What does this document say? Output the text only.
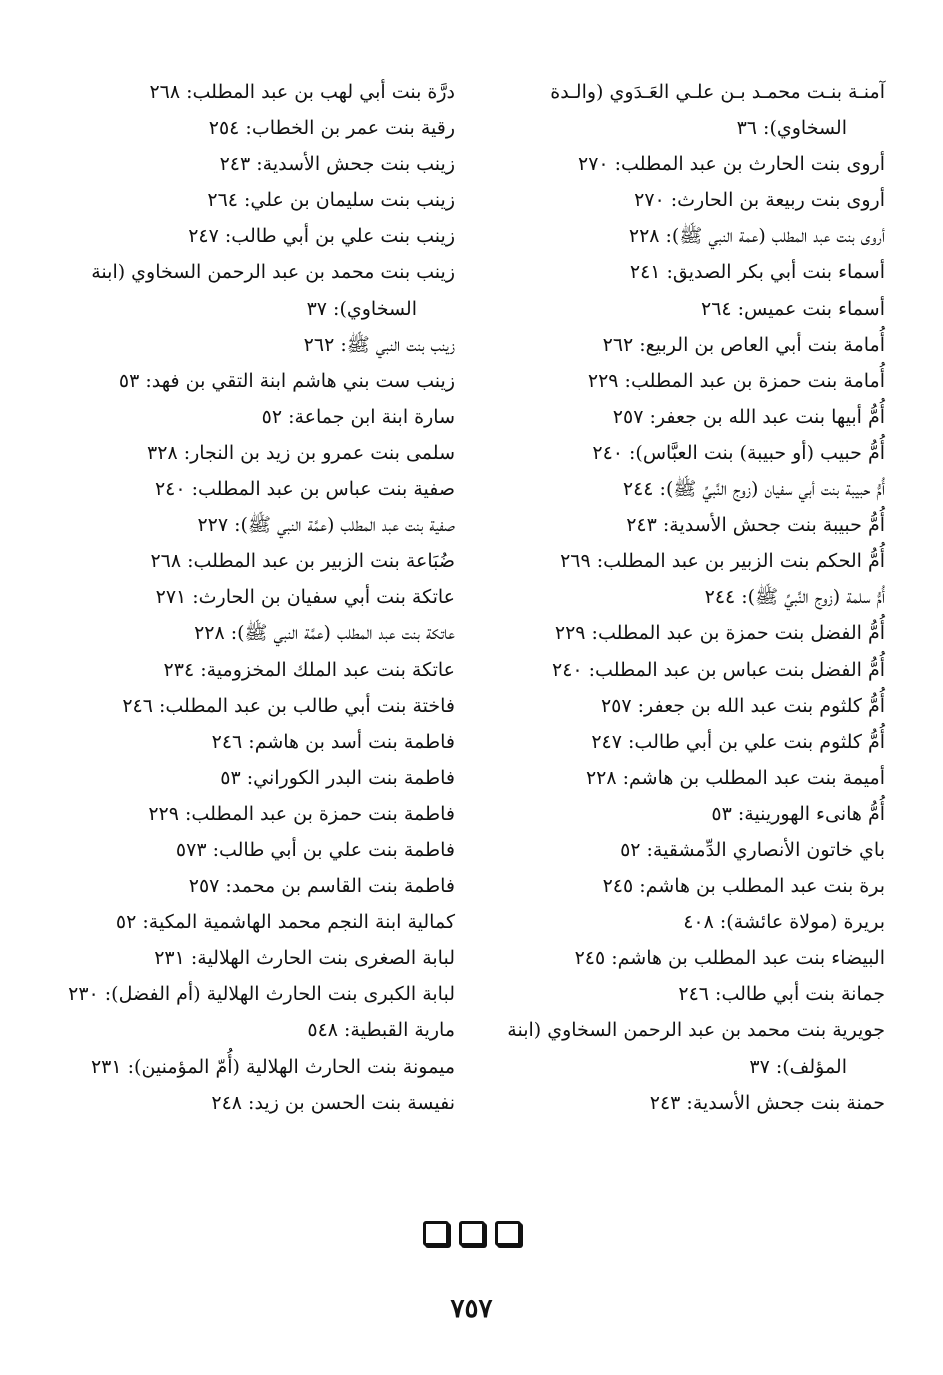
آمنـة بنـت محمـد بـن علـي العَـدَوي (والـدة السخاوي): ٣٦
أروى بنت الحارث بن عبد المطلب: ٢٧٠
أروى بنت ربيعة بن الحارث: ٢٧٠
أروى بنت عبد المطلب (عمة النبي ﷺ): ٢٢٨
أسماء بنت أبي بكر الصديق: ٢٤١
أسماء بنت عميس: ٢٦٤
أُمامة بنت أبي العاص بن الربيع: ٢٦٢
أُمامة بنت حمزة بن عبد المطلب: ٢٢٩
أُمُّ أبيها بنت عبد الله بن جعفر: ٢٥٧
أُمُّ حبيب (أو حبيبة) بنت العبَّاس): ٢٤٠
أُمُّ حبيبة بنت أبي سفيان (زوج النَّبيِّ ﷺ): ٢٤٤
أُمُّ حبيبة بنت جحش الأسدية: ٢٤٣
أُمُّ الحكم بنت الزبير بن عبد المطلب: ٢٦٩
أُمُّ سلمة (زوج النَّبيِّ ﷺ): ٢٤٤
أُمُّ الفضل بنت حمزة بن عبد المطلب: ٢٢٩
أُمُّ الفضل بنت عباس بن عبد المطلب: ٢٤٠
أُمُّ كلثوم بنت عبد الله بن جعفر: ٢٥٧
أُمُّ كلثوم بنت علي بن أبي طالب: ٢٤٧
أميمة بنت عبد المطلب بن هاشم: ٢٢٨
أُمُّ هانىء الهورينية: ٥٣
باي خاتون الأنصاري الدِّمشقية: ٥٢
برة بنت عبد المطلب بن هاشم: ٢٤٥
بريرة (مولاة عائشة): ٤٠٨
البيضاء بنت عبد المطلب بن هاشم: ٢٤٥
جمانة بنت أبي طالب: ٢٤٦
جويرية بنت محمد بن عبد الرحمن السخاوي (ابنة المؤلف): ٣٧
حمنة بنت جحش الأسدية: ٢٤٣
درَّة بنت أبي لهب بن عبد المطلب: ٢٦٨
رقية بنت عمر بن الخطاب: ٢٥٤
زينب بنت جحش الأسدية: ٢٤٣
زينب بنت سليمان بن علي: ٢٦٤
زينب بنت علي بن أبي طالب: ٢٤٧
زينب بنت محمد بن عبد الرحمن السخاوي (ابنة السخاوي): ٣٧
زينب بنت النبي ﷺ: ٢٦٢
زينب ست بني هاشم ابنة التقي بن فهد: ٥٣
سارة ابنة ابن جماعة: ٥٢
سلمى بنت عمرو بن زيد بن النجار: ٣٢٨
صفية بنت عباس بن عبد المطلب: ٢٤٠
صفية بنت عبد المطلب (عمَّة النبي ﷺ): ٢٢٧
ضُبَاعة بنت الزبير بن عبد المطلب: ٢٦٨
عاتكة بنت أبي سفيان بن الحارث: ٢٧١
عاتكة بنت عبد المطلب (عمَّة النبي ﷺ): ٢٢٨
عاتكة بنت عبد الملك المخزومية: ٢٣٤
فاختة بنت أبي طالب بن عبد المطلب: ٢٤٦
فاطمة بنت أسد بن هاشم: ٢٤٦
فاطمة بنت البدر الكوراني: ٥٣
فاطمة بنت حمزة بن عبد المطلب: ٢٢٩
فاطمة بنت علي بن أبي طالب: ٥٧٣
فاطمة بنت القاسم بن محمد: ٢٥٧
كمالية ابنة النجم محمد الهاشمية المكية: ٥٢
لبابة الصغرى بنت الحارث الهلالية: ٢٣١
لبابة الكبرى بنت الحارث الهلالية (أم الفضل): ٢٣٠
مارية القبطية: ٥٤٨
ميمونة بنت الحارث الهلالية (أُمّ المؤمنين): ٢٣١
نفيسة بنت الحسن بن زيد: ٢٤٨
٧٥٧
